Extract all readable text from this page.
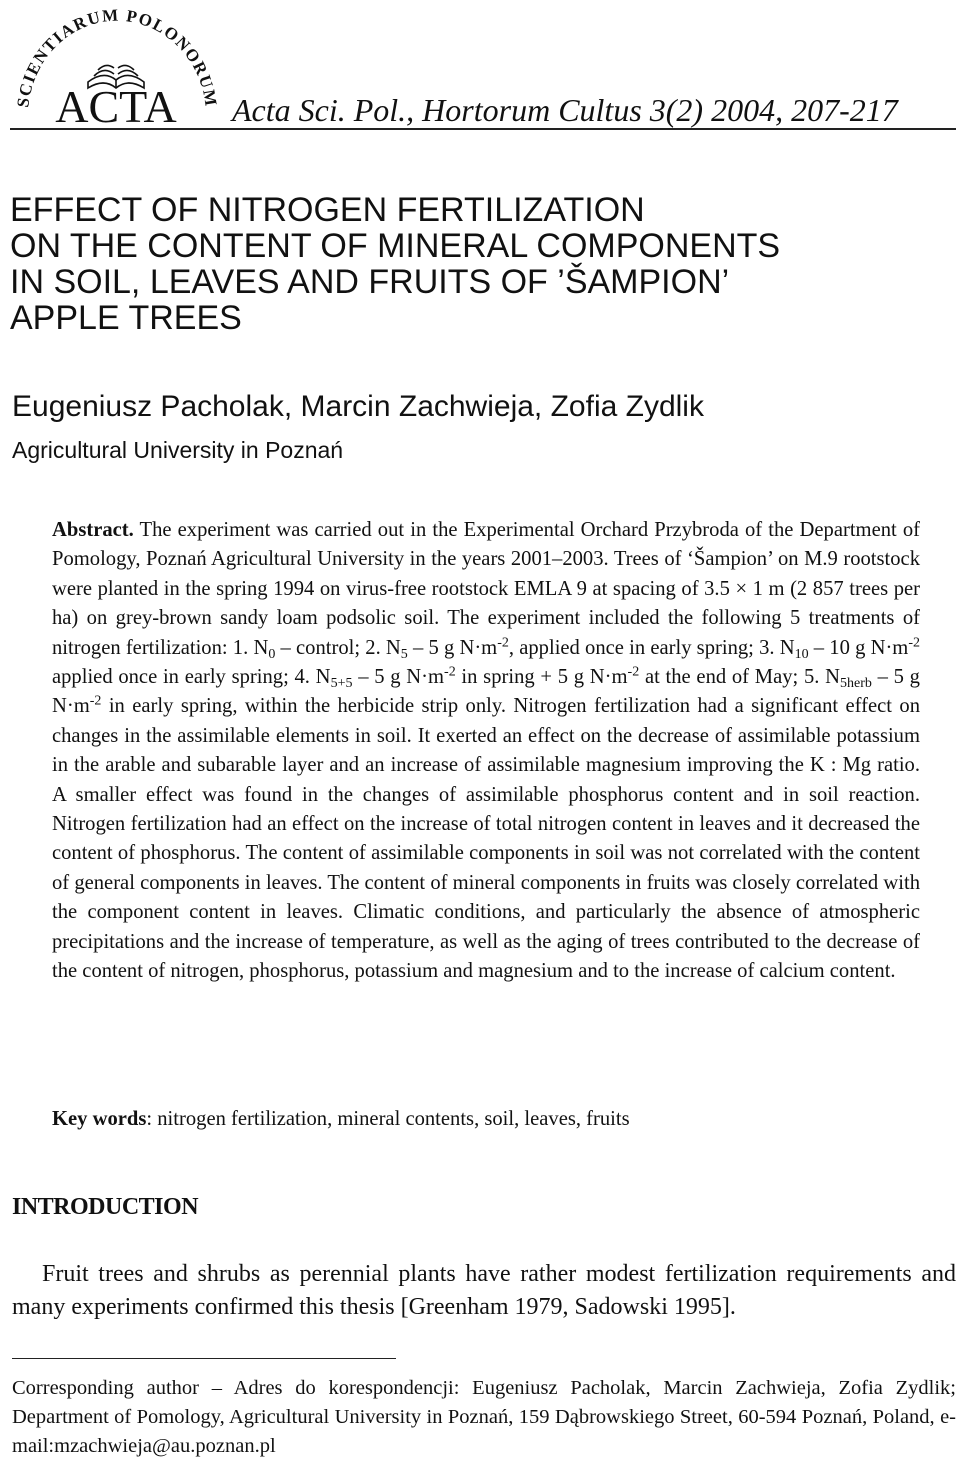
SCIENTIARUM POLONORUM
ACTA Acta Sci. Pol., Hortorum Cultus 3(2) 2004, 207-217
EFFECT OF NITROGEN FERTILIZATION
ON THE CONTENT OF MINERAL COMPONENTS
IN SOIL, LEAVES AND FRUITS OF ’ŠAMPION’
APPLE TREES
Eugeniusz Pacholak, Marcin Zachwieja, Zofia Zydlik
Agricultural University in Poznań

Abstract. The experiment was carried out in the Experimental Orchard Przybroda of the Department of Pomology, Poznań Agricultural University in the years 2001–2003. Trees of ‘Šampion’ on M.9 rootstock were planted in the spring 1994 on virus-free rootstock EMLA 9 at spacing of 3.5 × 1 m (2 857 trees per ha) on grey-brown sandy loam podsolic soil. The experiment included the following 5 treatments of nitrogen fertilization: 1. $N_0$ – control; 2. $N_5 - 5$ g $N\cdot m^{-2}$, applied once in early spring; 3. $N_{10} - 10$ g $N\cdot m^{-2}$ applied once in early spring; 4. $N_{5+5} - 5$ g $N\cdot m^{-2}$ in spring + 5 g $N\cdot m^{-2}$ at the end of May; 5. $N_{5herb} - 5$ g $N\cdot m^{-2}$ in early spring, within the herbicide strip only. Nitrogen fertilization had a significant effect on changes in the assimilable elements in soil. It exerted an effect on the decrease of assimilable potassium in the arable and subarable layer and an increase of assimilable magnesium improving the K : Mg ratio. A smaller effect was found in the changes of assimilable phosphorus content and in soil reaction. Nitrogen fertilization had an effect on the increase of total nitrogen content in leaves and it decreased the content of phosphorus. The content of assimilable components in soil was not correlated with the content of general components in leaves. The content of mineral components in fruits was closely correlated with the component content in leaves. Climatic conditions, and particularly the absence of atmospheric precipitations and the increase of temperature, as well as the aging of trees contributed to the decrease of the content of nitrogen, phosphorus, potassium and magnesium and to the increase of calcium content.

Key words: nitrogen fertilization, mineral contents, soil, leaves, fruits

INTRODUCTION

Fruit trees and shrubs as perennial plants have rather modest fertilization requirements and many experiments confirmed this thesis [Greenham 1979, Sadowski 1995].

Corresponding author – Adres do korespondencji: Eugeniusz Pacholak, Marcin Zachwieja, Zofia Zydlik; Department of Pomology, Agricultural University in Poznań, 159 Dąbrowskiego Street, 60-594 Poznań, Poland, e-mail:mzachwieja@au.poznan.pl
